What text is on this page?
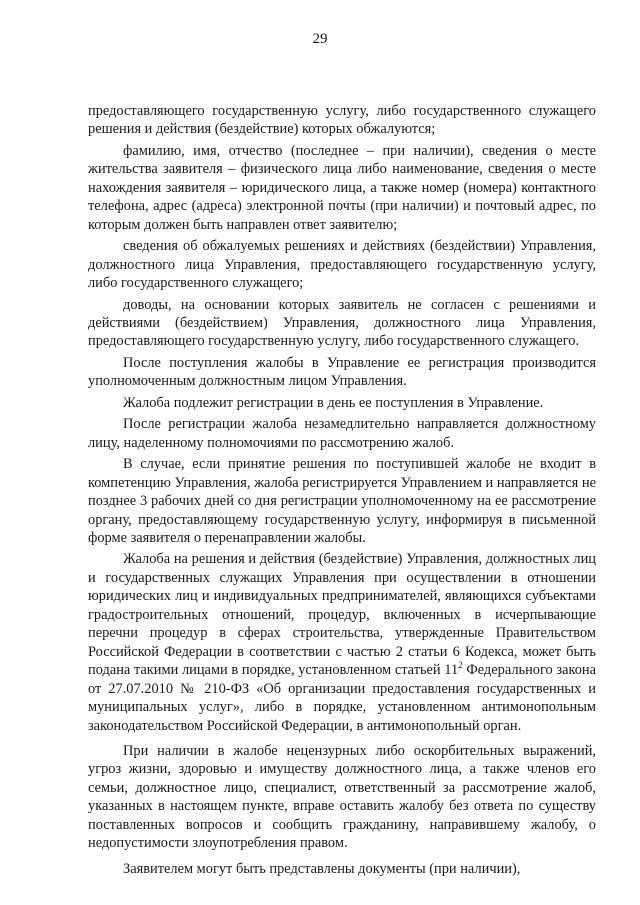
29

предоставляющего государственную услугу, либо государственного служащего решения и действия (бездействие) которых обжалуются;

фамилию, имя, отчество (последнее – при наличии), сведения о месте жительства заявителя – физического лица либо наименование, сведения о месте нахождения заявителя – юридического лица, а также номер (номера) контактного телефона, адрес (адреса) электронной почты (при наличии) и почтовый адрес, по которым должен быть направлен ответ заявителю;

сведения об обжалуемых решениях и действиях (бездействии) Управления, должностного лица Управления, предоставляющего государственную услугу, либо государственного служащего;

доводы, на основании которых заявитель не согласен с решениями и действиями (бездействием) Управления, должностного лица Управления, предоставляющего государственную услугу, либо государственного служащего.

После поступления жалобы в Управление ее регистрация производится уполномоченным должностным лицом Управления.

Жалоба подлежит регистрации в день ее поступления в Управление.

После регистрации жалоба незамедлительно направляется должностному лицу, наделенному полномочиями по рассмотрению жалоб.

В случае, если принятие решения по поступившей жалобе не входит в компетенцию Управления, жалоба регистрируется Управлением и направляется не позднее 3 рабочих дней со дня регистрации уполномоченному на ее рассмотрение органу, предоставляющему государственную услугу, информируя в письменной форме заявителя о перенаправлении жалобы.

Жалоба на решения и действия (бездействие) Управления, должностных лиц и государственных служащих Управления при осуществлении в отношении юридических лиц и индивидуальных предпринимателей, являющихся субъектами градостроительных отношений, процедур, включенных в исчерпывающие перечни процедур в сферах строительства, утвержденные Правительством Российской Федерации в соответствии с частью 2 статьи 6 Кодекса, может быть подана такими лицами в порядке, установленном статьей $11^2$ Федерального закона от 27.07.2010 № 210-ФЗ «Об организации предоставления государственных и муниципальных услуг», либо в порядке, установленном антимонопольным законодательством Российской Федерации, в антимонопольный орган.

При наличии в жалобе нецензурных либо оскорбительных выражений, угроз жизни, здоровью и имуществу должностного лица, а также членов его семьи, должностное лицо, специалист, ответственный за рассмотрение жалоб, указанных в настоящем пункте, вправе оставить жалобу без ответа по существу поставленных вопросов и сообщить гражданину, направившему жалобу, о недопустимости злоупотребления правом.

Заявителем могут быть представлены документы (при наличии),
